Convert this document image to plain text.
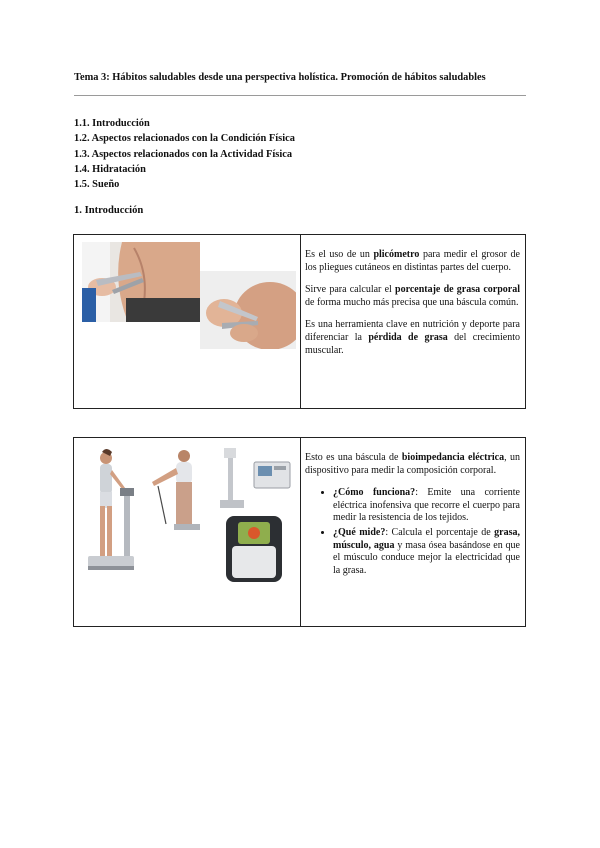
Tema 3: Hábitos saludables desde una perspectiva holística. Promoción de hábitos saludables
1.1. Introducción
1.2. Aspectos relacionados con la Condición Física
1.3. Aspectos relacionados con la Actividad Física
1.4. Hidratación
1.5. Sueño
1. Introducción

Es el uso de un plicómetro para medir el grosor de los pliegues cutáneos en distintas partes del cuerpo.

Sirve para calcular el porcentaje de grasa corporal de forma mucho más precisa que una báscula común.

Es una herramienta clave en nutrición y deporte para diferenciar la pérdida de grasa del crecimiento muscular.

Esto es una báscula de bioimpedancia eléctrica, un dispositivo para medir la composición corporal.

• ¿Cómo funciona?: Emite una corriente eléctrica inofensiva que recorre el cuerpo para medir la resistencia de los tejidos.
• ¿Qué mide?: Calcula el porcentaje de grasa, músculo, agua y masa ósea basándose en que el músculo conduce mejor la electricidad que la grasa.
